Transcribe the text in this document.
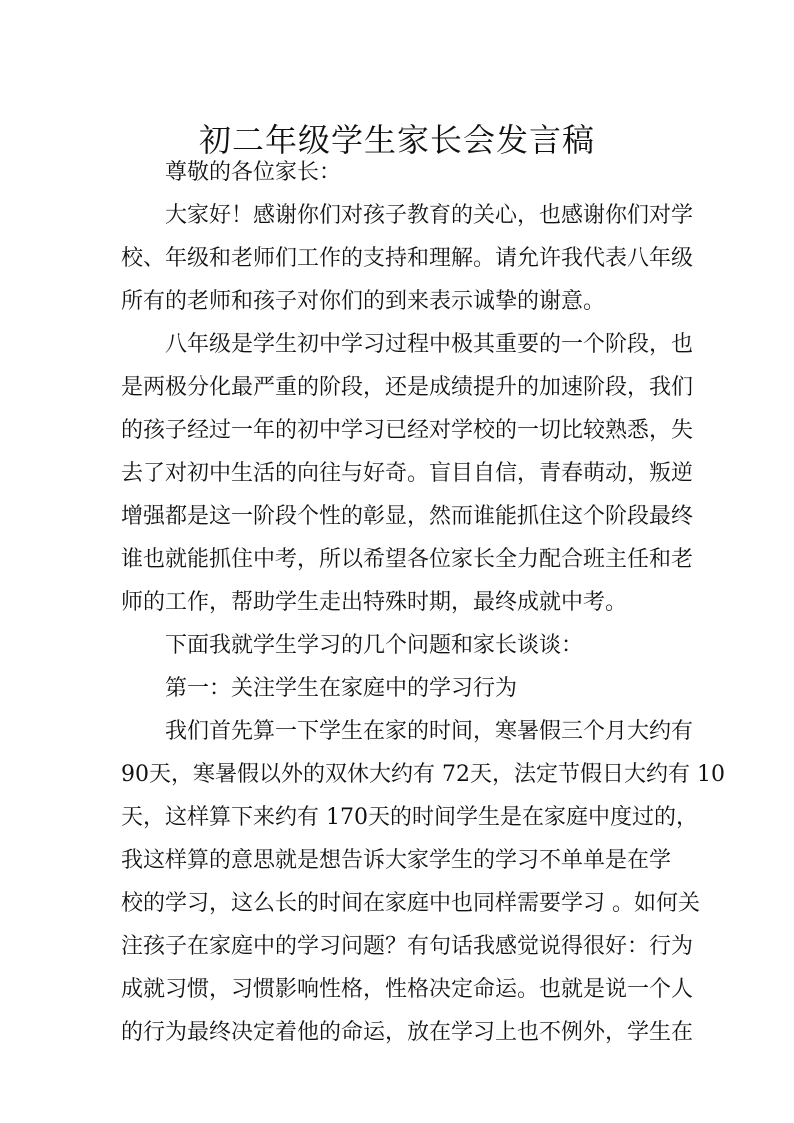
初二年级学生家长会发言稿
尊敬的各位家长：
大家好！感谢你们对孩子教育的关心，也感谢你们对学
校、年级和老师们工作的支持和理解。请允许我代表八年级
所有的老师和孩子对你们的到来表示诚挚的谢意。
八年级是学生初中学习过程中极其重要的一个阶段，也
是两极分化最严重的阶段，还是成绩提升的加速阶段，我们
的孩子经过一年的初中学习已经对学校的一切比较熟悉，失
去了对初中生活的向往与好奇。盲目自信，青春萌动，叛逆
增强都是这一阶段个性的彰显，然而谁能抓住这个阶段最终
谁也就能抓住中考，所以希望各位家长全力配合班主任和老
师的工作，帮助学生走出特殊时期，最终成就中考。
下面我就学生学习的几个问题和家长谈谈：
第一：关注学生在家庭中的学习行为
我们首先算一下学生在家的时间，寒暑假三个月大约有
90天，寒暑假以外的双休大约有 72天，法定节假日大约有 10
天，这样算下来约有 170天的时间学生是在家庭中度过的，
我这样算的意思就是想告诉大家学生的学习不单单是在学
校的学习，这么长的时间在家庭中也同样需要学习 。如何关
注孩子在家庭中的学习问题？有句话我感觉说得很好：行为
成就习惯，习惯影响性格，性格决定命运。也就是说一个人
的行为最终决定着他的命运，放在学习上也不例外，学生在
